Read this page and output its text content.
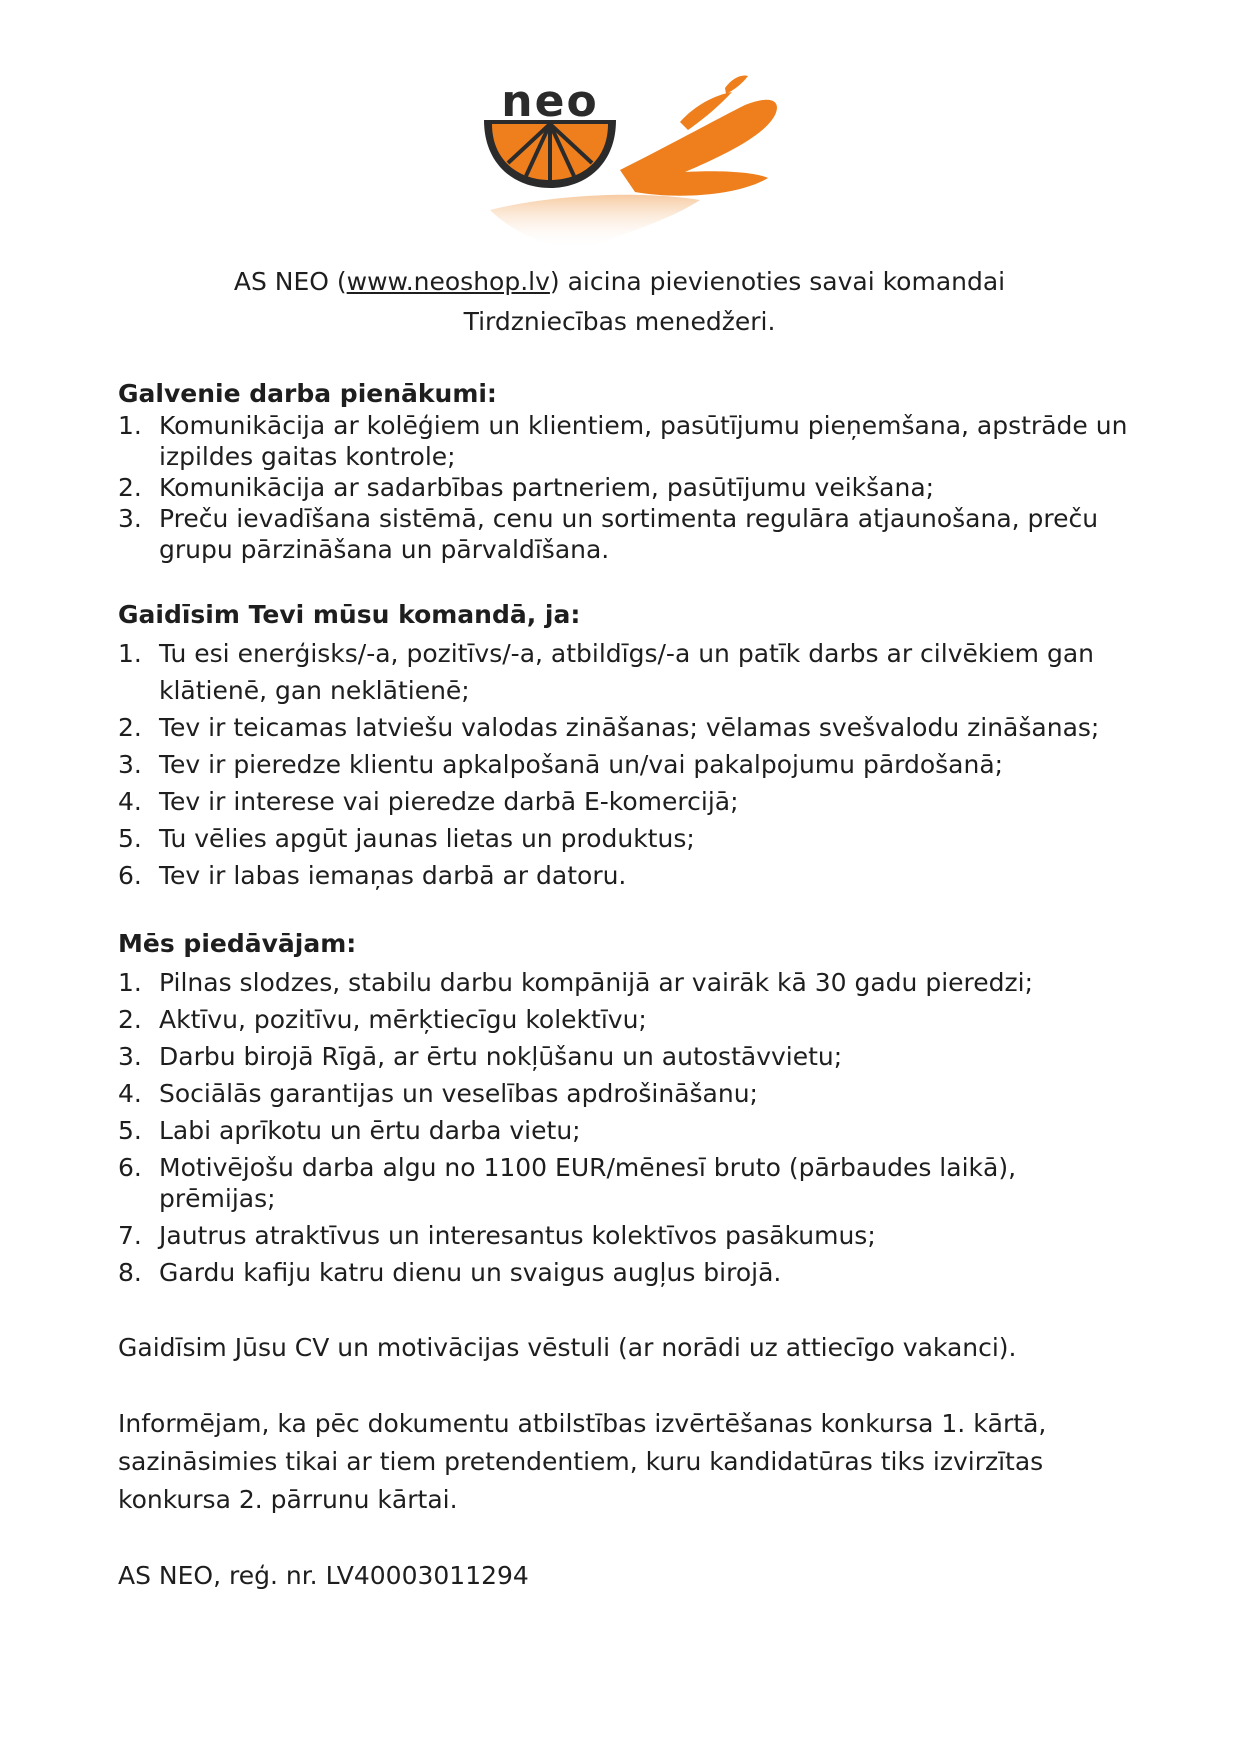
neo
AS NEO (www.neoshop.lv) aicina pievienoties savai komandai
Tirdzniecības menedžeri.

Galvenie darba pienākumi:

1. Komunikācija ar kolēģiem un klientiem, pasūtījumu pieņemšana, apstrāde un izpildes gaitas kontrole;
2. Komunikācija ar sadarbības partneriem, pasūtījumu veikšana;
3. Preču ievadīšana sistēmā, cenu un sortimenta regulāra atjaunošana, preču grupu pārzināšana un pārvaldīšana.

Gaidīsim Tevi mūsu komandā, ja:

1. Tu esi enerģisks/-a, pozitīvs/-a, atbildīgs/-a un patīk darbs ar cilvēkiem gan klātienē, gan neklātienē;
2. Tev ir teicamas latviešu valodas zināšanas; vēlamas svešvalodu zināšanas;
3. Tev ir pieredze klientu apkalpošanā un/vai pakalpojumu pārdošanā;
4. Tev ir interese vai pieredze darbā E-komercijā;
5. Tu vēlies apgūt jaunas lietas un produktus;
6. Tev ir labas iemaņas darbā ar datoru.

Mēs piedāvājam:

1. Pilnas slodzes, stabilu darbu kompānijā ar vairāk kā 30 gadu pieredzi;
2. Aktīvu, pozitīvu, mērķtiecīgu kolektīvu;
3. Darbu birojā Rīgā, ar ērtu nokļūšanu un autostāvvietu;
4. Sociālās garantijas un veselības apdrošināšanu;
5. Labi aprīkotu un ērtu darba vietu;
6. Motivējošu darba algu no 1100 EUR/mēnesī bruto (pārbaudes laikā), prēmijas;
7. Jautrus atraktīvus un interesantus kolektīvos pasākumus;
8. Gardu kafiju katru dienu un svaigus augļus birojā.

Gaidīsim Jūsu CV un motivācijas vēstuli (ar norādi uz attiecīgo vakanci).

Informējam, ka pēc dokumentu atbilstības izvērtēšanas konkursa 1. kārtā, sazināsimies tikai ar tiem pretendentiem, kuru kandidatūras tiks izvirzītas konkursa 2. pārrunu kārtai.

AS NEO, reģ. nr. LV40003011294
